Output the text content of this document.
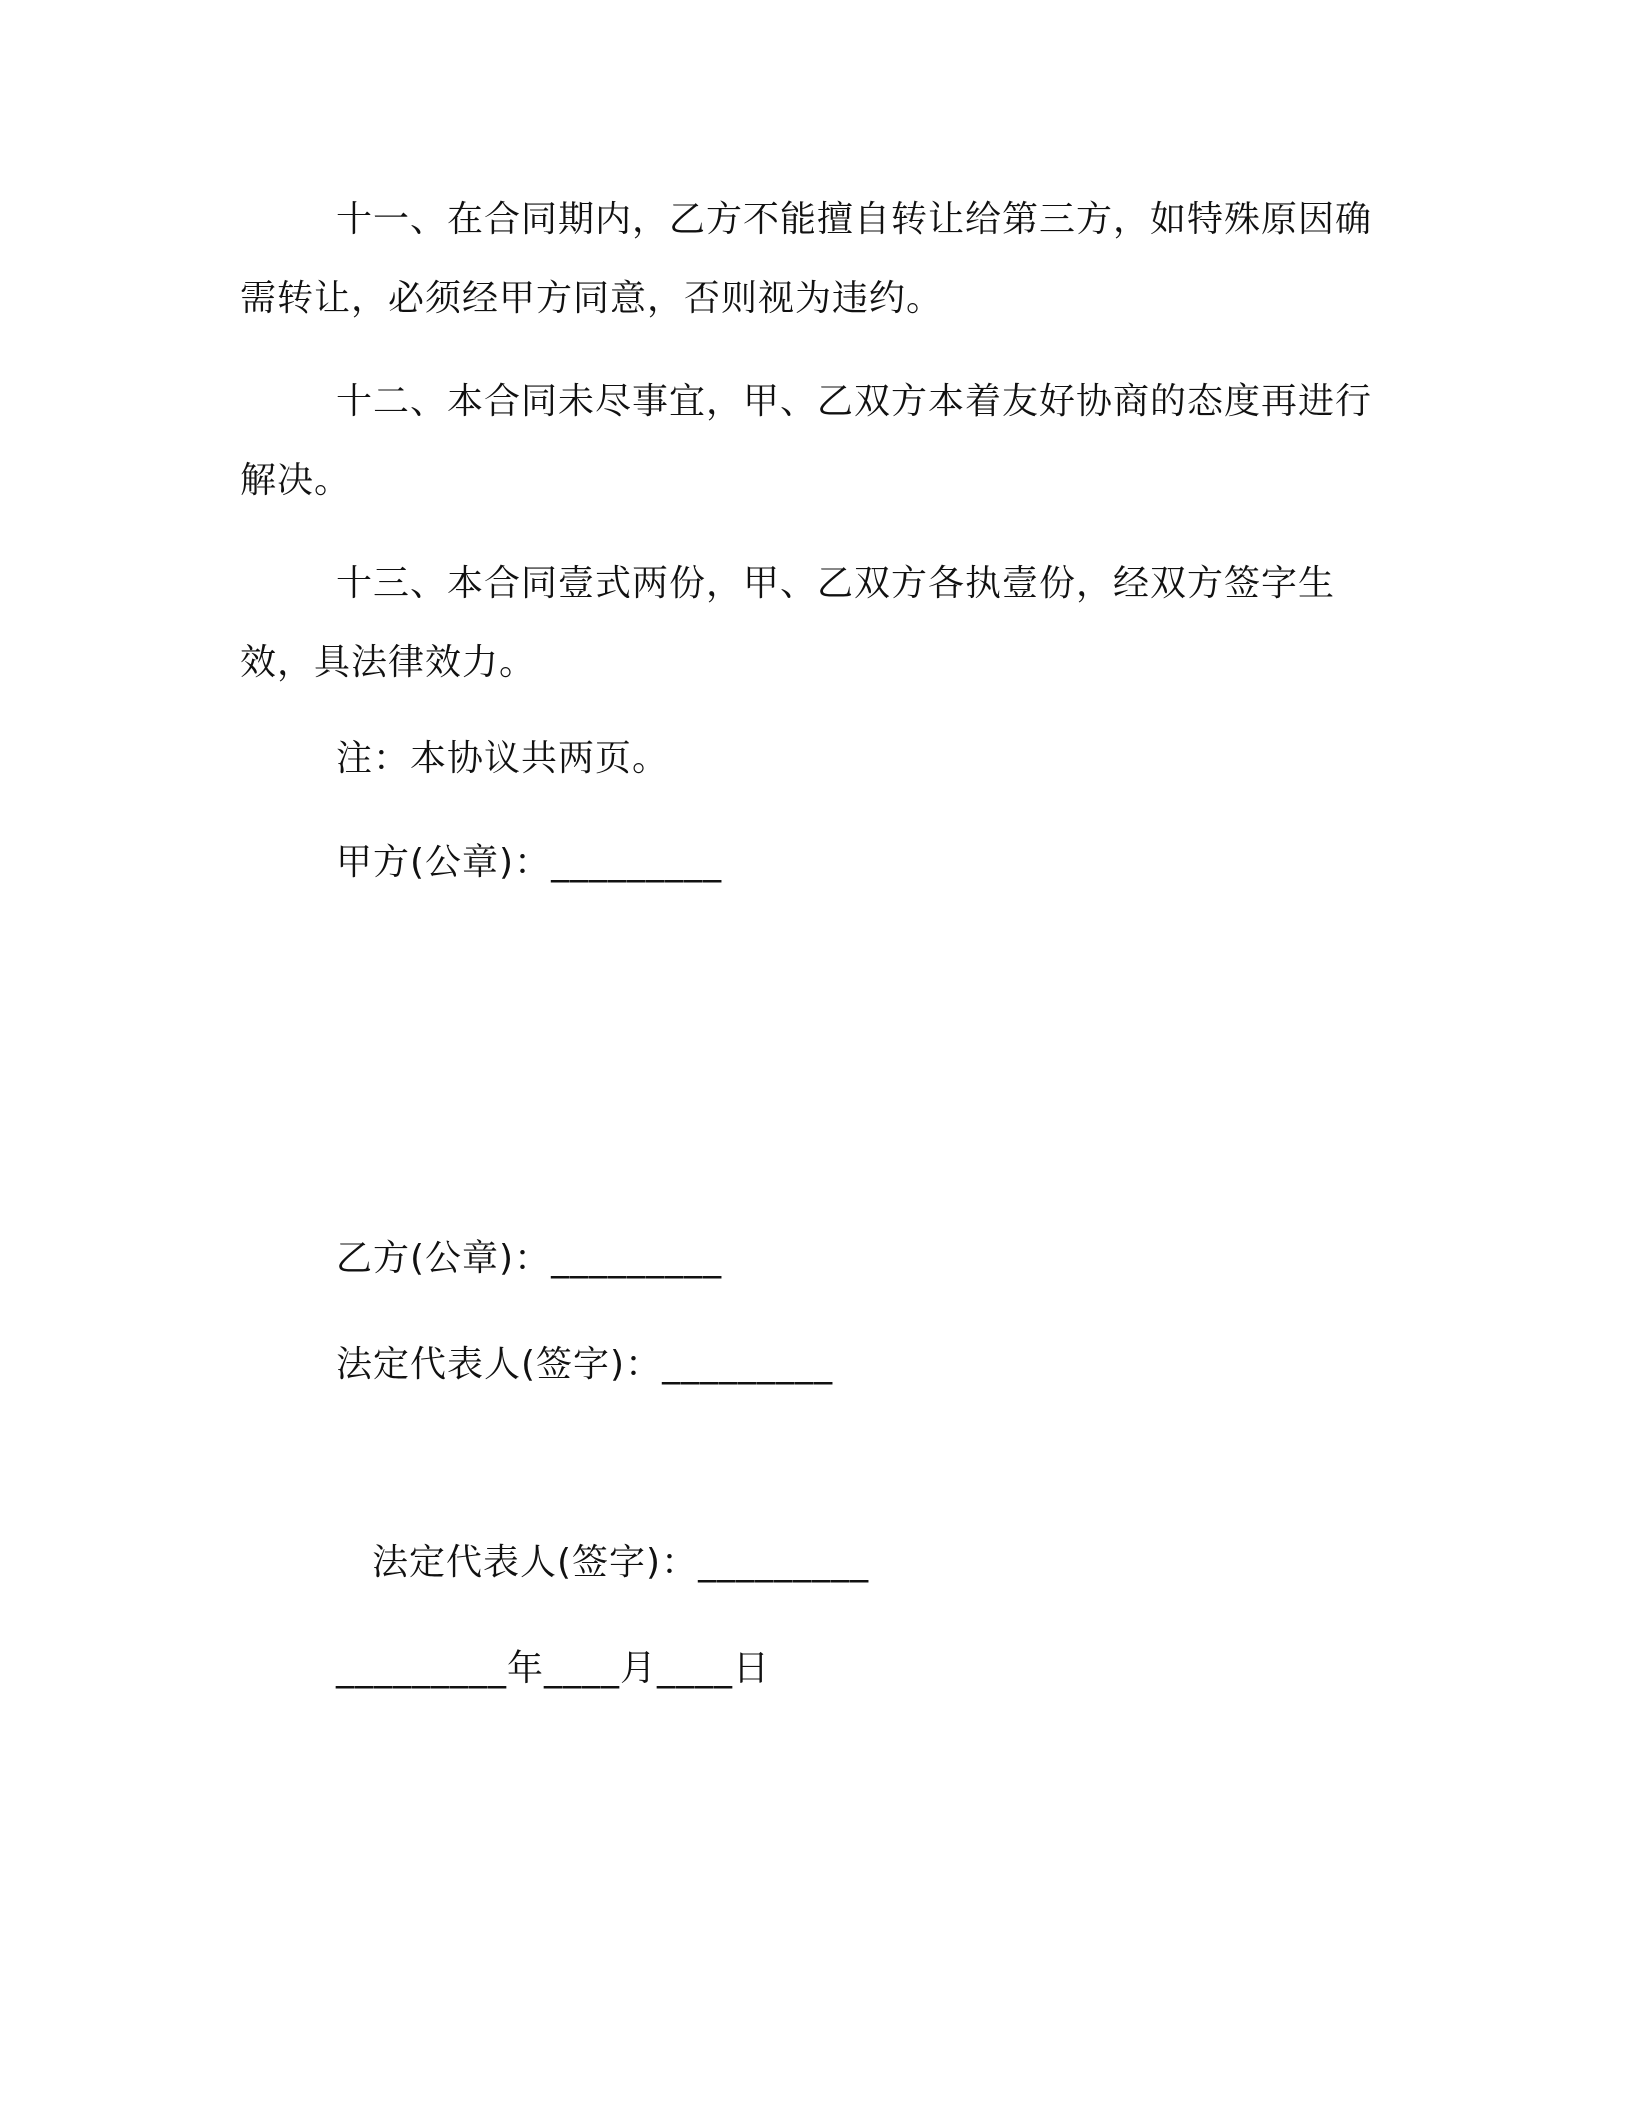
十一、在合同期内，乙方不能擅自转让给第三方，如特殊原因确需转让，必须经甲方同意，否则视为违约。

十二、本合同未尽事宜，甲、乙双方本着友好协商的态度再进行解决。

十三、本合同壹式两份，甲、乙双方各执壹份，经双方签字生效，具法律效力。

注：本协议共两页。

甲方(公章)：_________

乙方(公章)：_________

法定代表人(签字)：_________

法定代表人(签字)：_________

_________年____月____日
